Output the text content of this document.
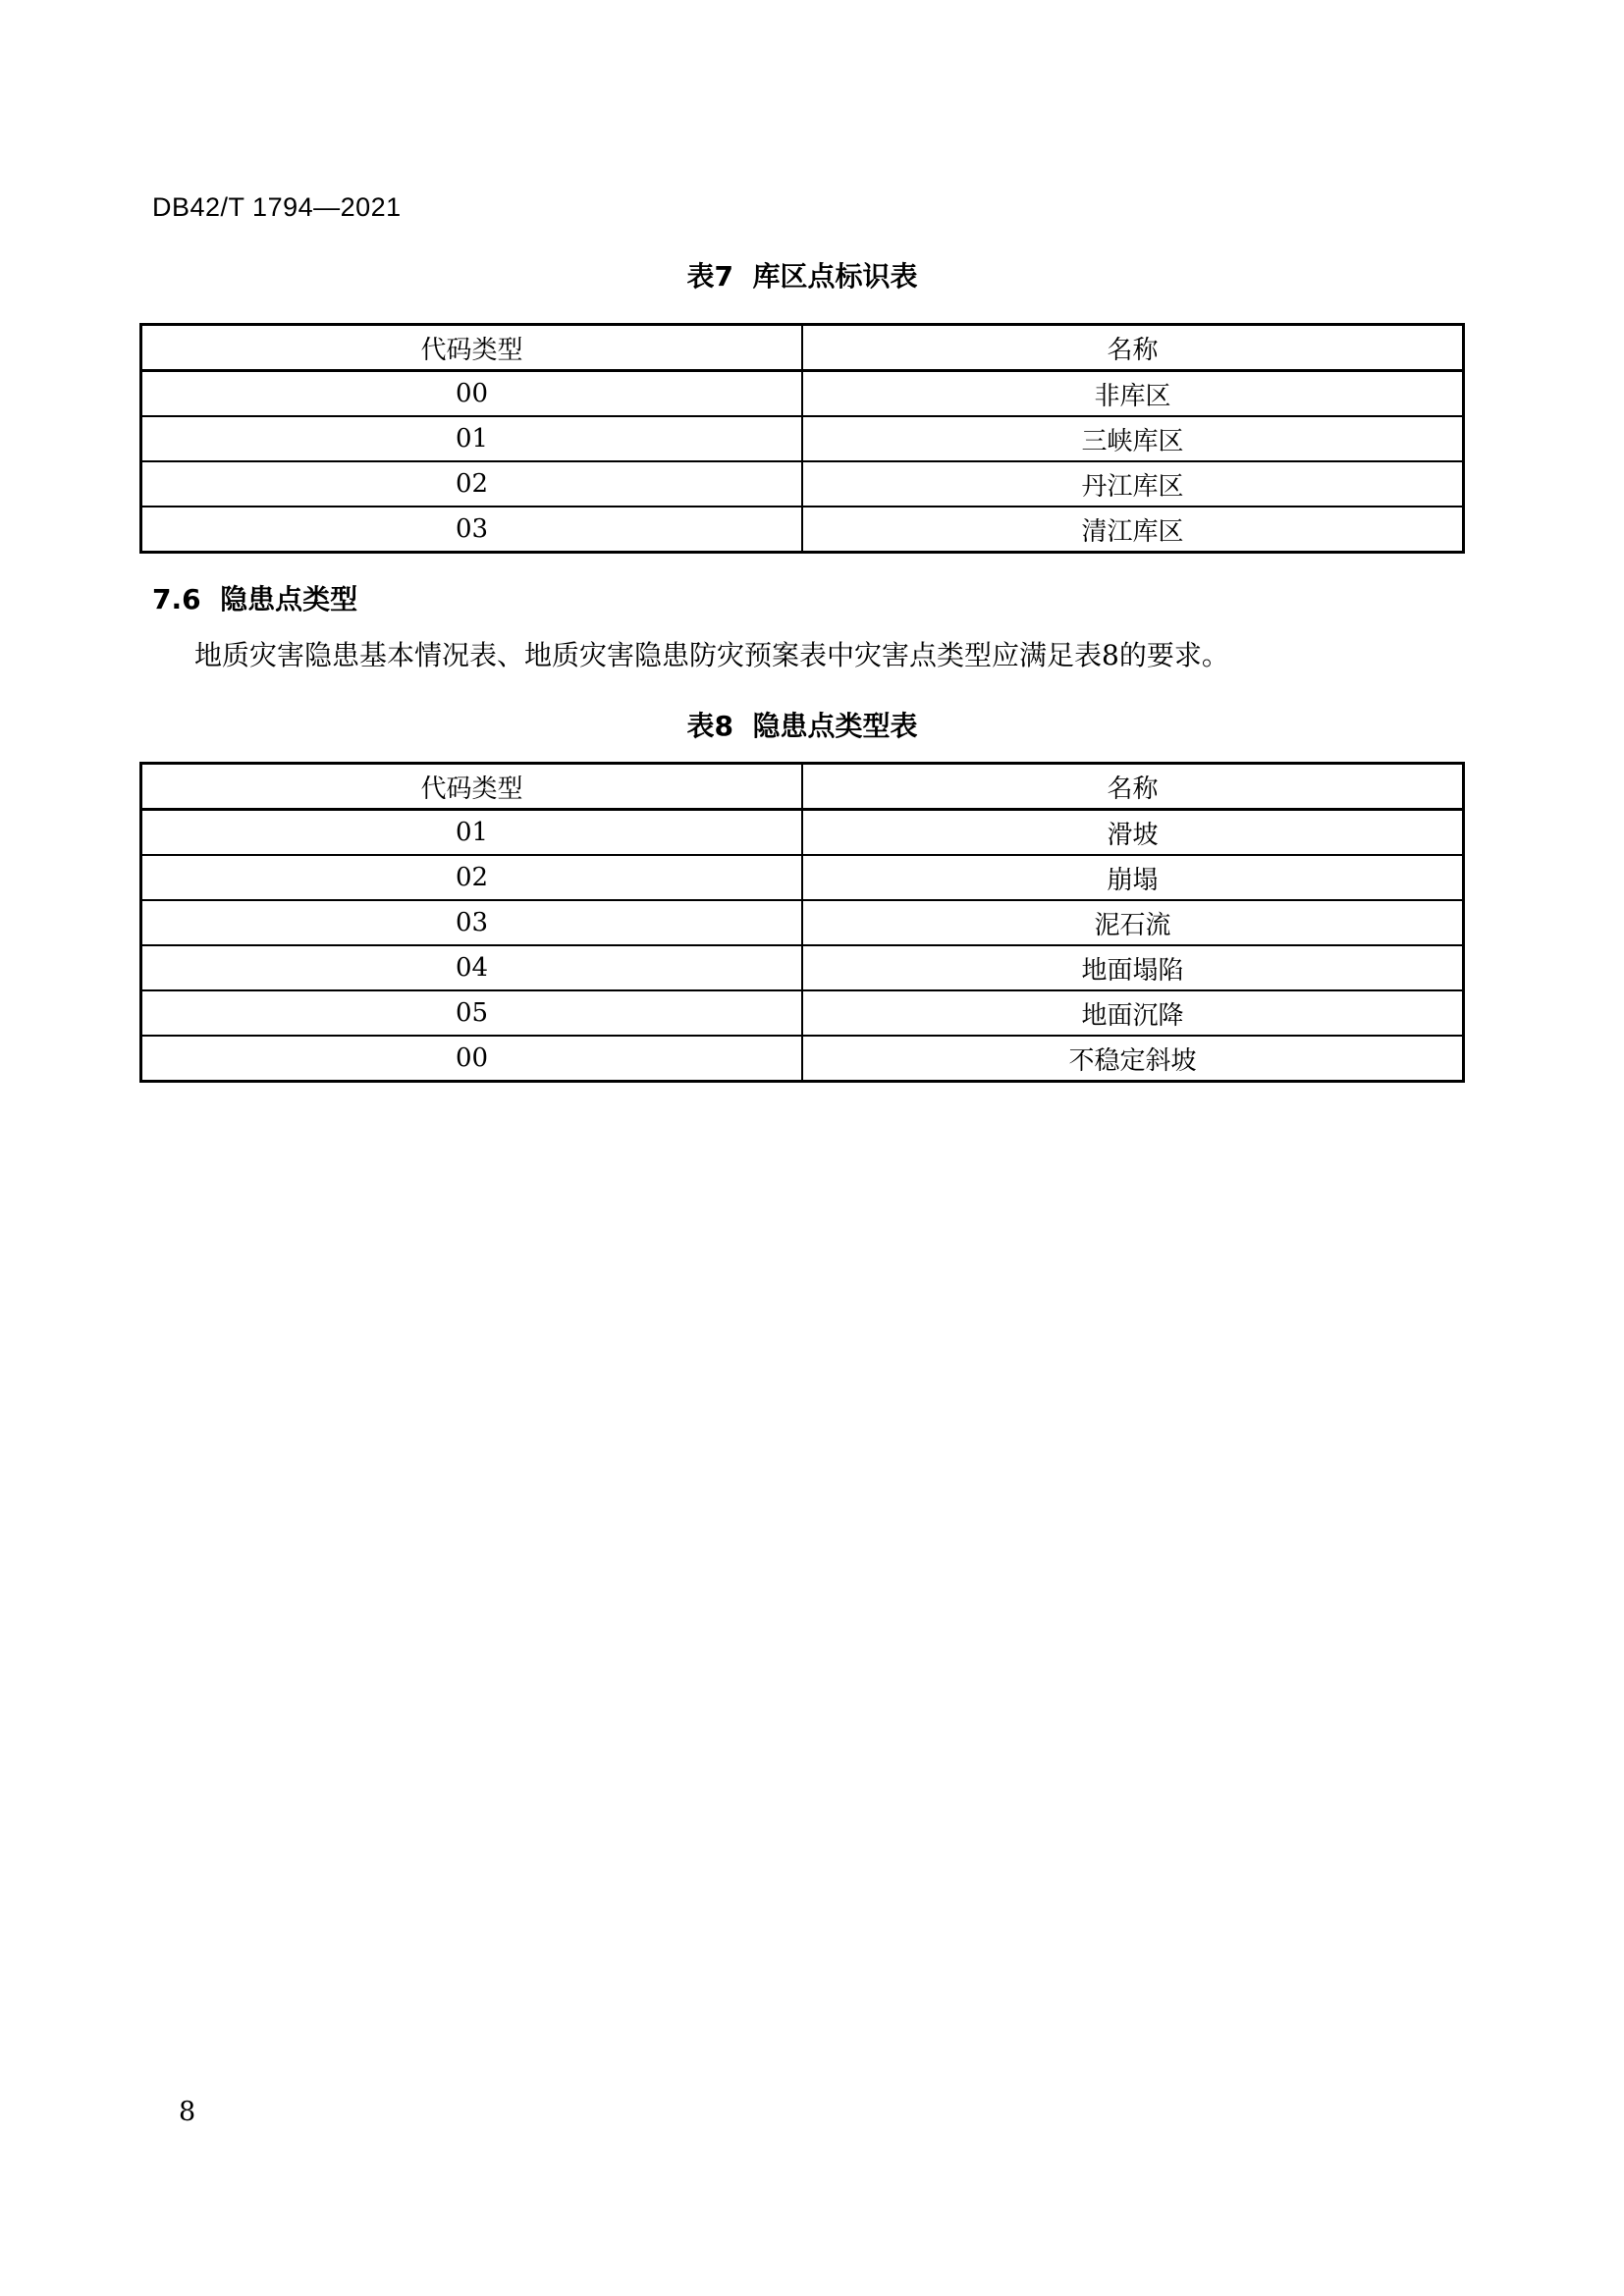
DB42/T 1794—2021
表7  库区点标识表
代码类型	名称
00	非库区
01	三峡库区
02	丹江库区
03	清江库区
7.6  隐患点类型
地质灾害隐患基本情况表、地质灾害隐患防灾预案表中灾害点类型应满足表8的要求。
表8  隐患点类型表
代码类型	名称
01	滑坡
02	崩塌
03	泥石流
04	地面塌陷
05	地面沉降
00	不稳定斜坡
8
